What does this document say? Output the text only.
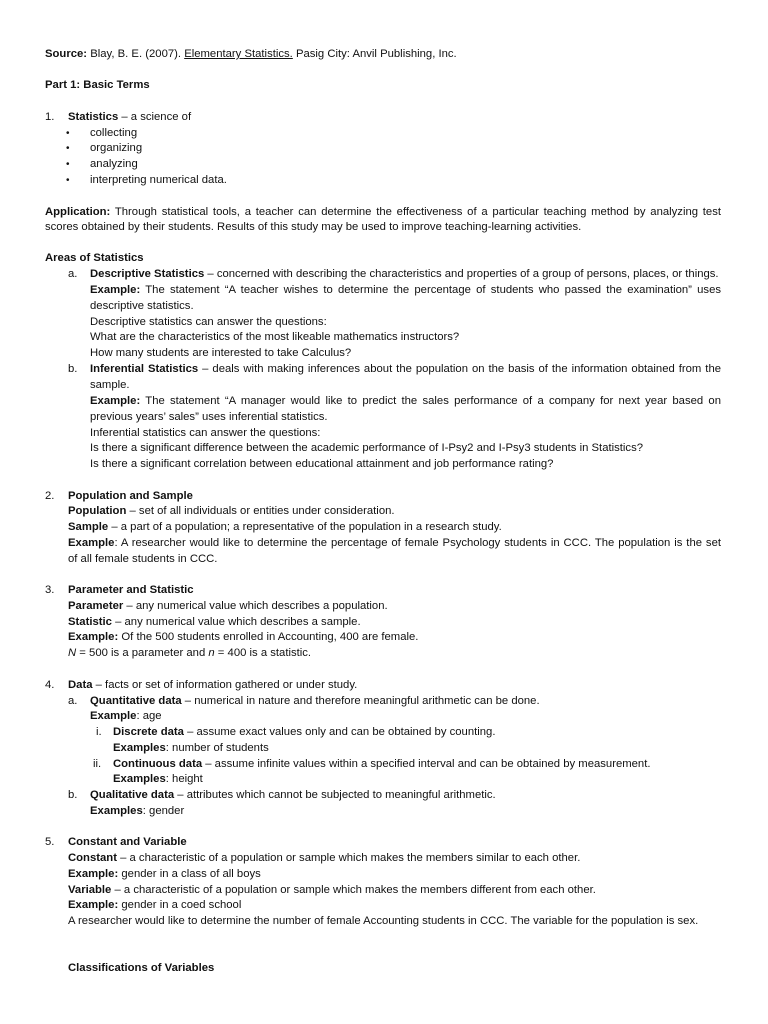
Source: Blay, B. E. (2007). Elementary Statistics. Pasig City: Anvil Publishing, Inc.
Part 1: Basic Terms
1. Statistics – a science of
• collecting
• organizing
• analyzing
• interpreting numerical data.
Application: Through statistical tools, a teacher can determine the effectiveness of a particular teaching method by analyzing test
scores obtained by their students. Results of this study may be used to improve teaching-learning activities.
Areas of Statistics
a. Descriptive Statistics – concerned with describing the characteristics and properties of a group of persons, places, or things.
Example: The statement “A teacher wishes to determine the percentage of students who passed the examination” uses
descriptive statistics.
Descriptive statistics can answer the questions:
What are the characteristics of the most likeable mathematics instructors?
How many students are interested to take Calculus?
b. Inferential Statistics – deals with making inferences about the population on the basis of the information obtained from the
sample.
Example: The statement “A manager would like to predict the sales performance of a company for next year based on
previous years’ sales” uses inferential statistics.
Inferential statistics can answer the questions:
Is there a significant difference between the academic performance of I-Psy2 and I-Psy3 students in Statistics?
Is there a significant correlation between educational attainment and job performance rating?
2. Population and Sample
Population – set of all individuals or entities under consideration.
Sample – a part of a population; a representative of the population in a research study.
Example: A researcher would like to determine the percentage of female Psychology students in CCC. The population is the set
of all female students in CCC.
3. Parameter and Statistic
Parameter – any numerical value which describes a population.
Statistic – any numerical value which describes a sample.
Example: Of the 500 students enrolled in Accounting, 400 are female.
N = 500 is a parameter and n = 400 is a statistic.
4. Data – facts or set of information gathered or under study.
a. Quantitative data – numerical in nature and therefore meaningful arithmetic can be done.
Example: age
i. Discrete data – assume exact values only and can be obtained by counting.
Examples: number of students
ii. Continuous data – assume infinite values within a specified interval and can be obtained by measurement.
Examples: height
b. Qualitative data – attributes which cannot be subjected to meaningful arithmetic.
Examples: gender
5. Constant and Variable
Constant – a characteristic of a population or sample which makes the members similar to each other.
Example: gender in a class of all boys
Variable – a characteristic of a population or sample which makes the members different from each other.
Example: gender in a coed school
A researcher would like to determine the number of female Accounting students in CCC. The variable for the population is sex.
Classifications of Variables
